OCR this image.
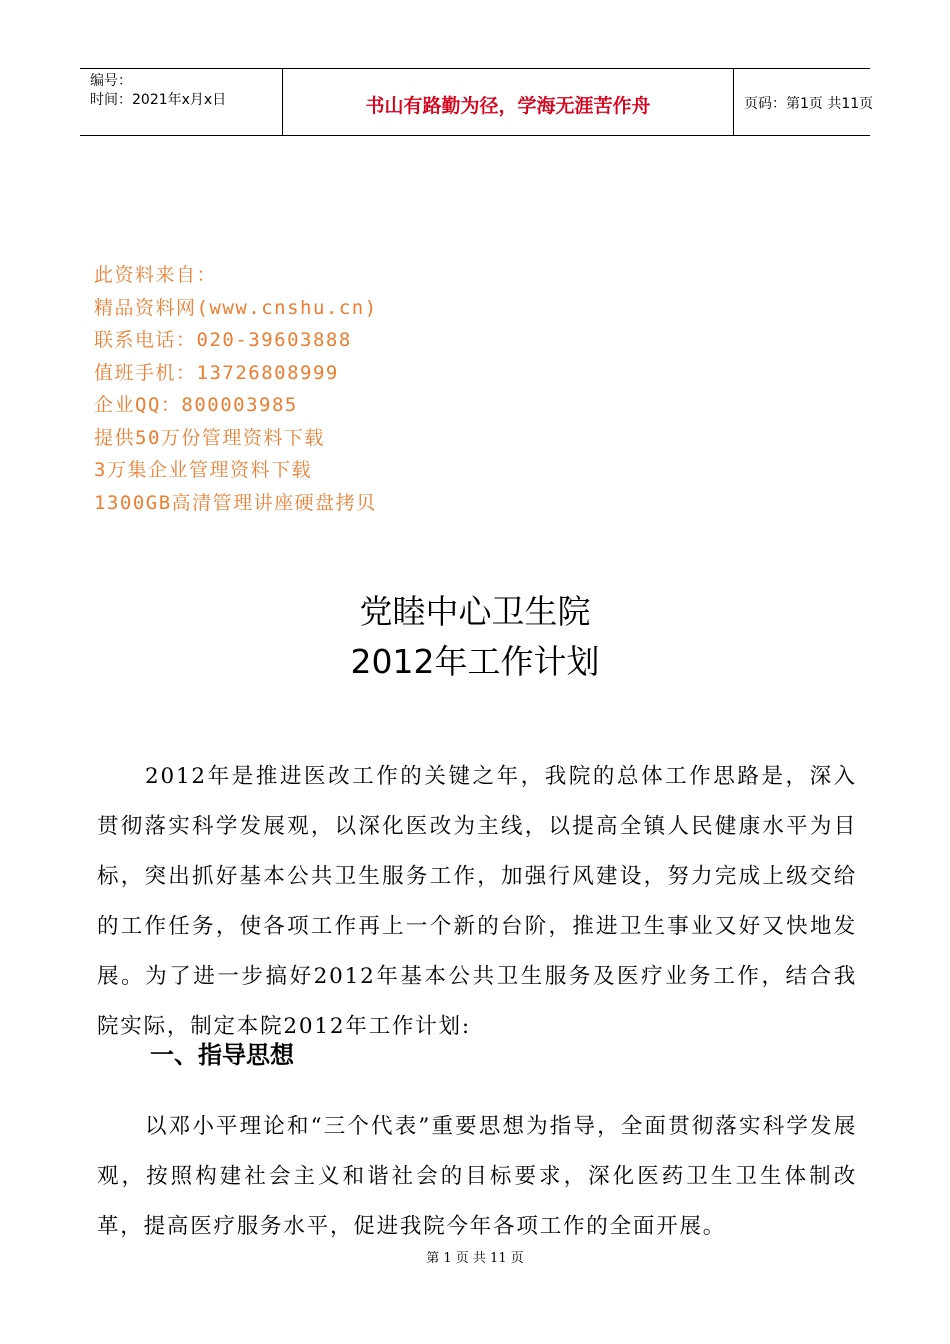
编号：
时间：2021年x月x日	书山有路勤为径，学海无涯苦作舟	页码：第1页 共11页
此资料来自：
精品资料网(www.cnshu.cn)
联系电话：020-39603888
值班手机：13726808999
企业QQ：800003985
提供50万份管理资料下载
3万集企业管理资料下载
1300GB高清管理讲座硬盘拷贝
党睦中心卫生院
2012年工作计划

2012年是推进医改工作的关键之年，我院的总体工作思路是，深入贯彻落实科学发展观，以深化医改为主线，以提高全镇人民健康水平为目标，突出抓好基本公共卫生服务工作，加强行风建设，努力完成上级交给的工作任务，使各项工作再上一个新的台阶，推进卫生事业又好又快地发展。为了进一步搞好2012年基本公共卫生服务及医疗业务工作，结合我院实际，制定本院2012年工作计划:

一、指导思想

以邓小平理论和“三个代表”重要思想为指导，全面贯彻落实科学发展观，按照构建社会主义和谐社会的目标要求，深化医药卫生卫生体制改革，提高医疗服务水平，促进我院今年各项工作的全面开展。

第 1 页 共 11 页
